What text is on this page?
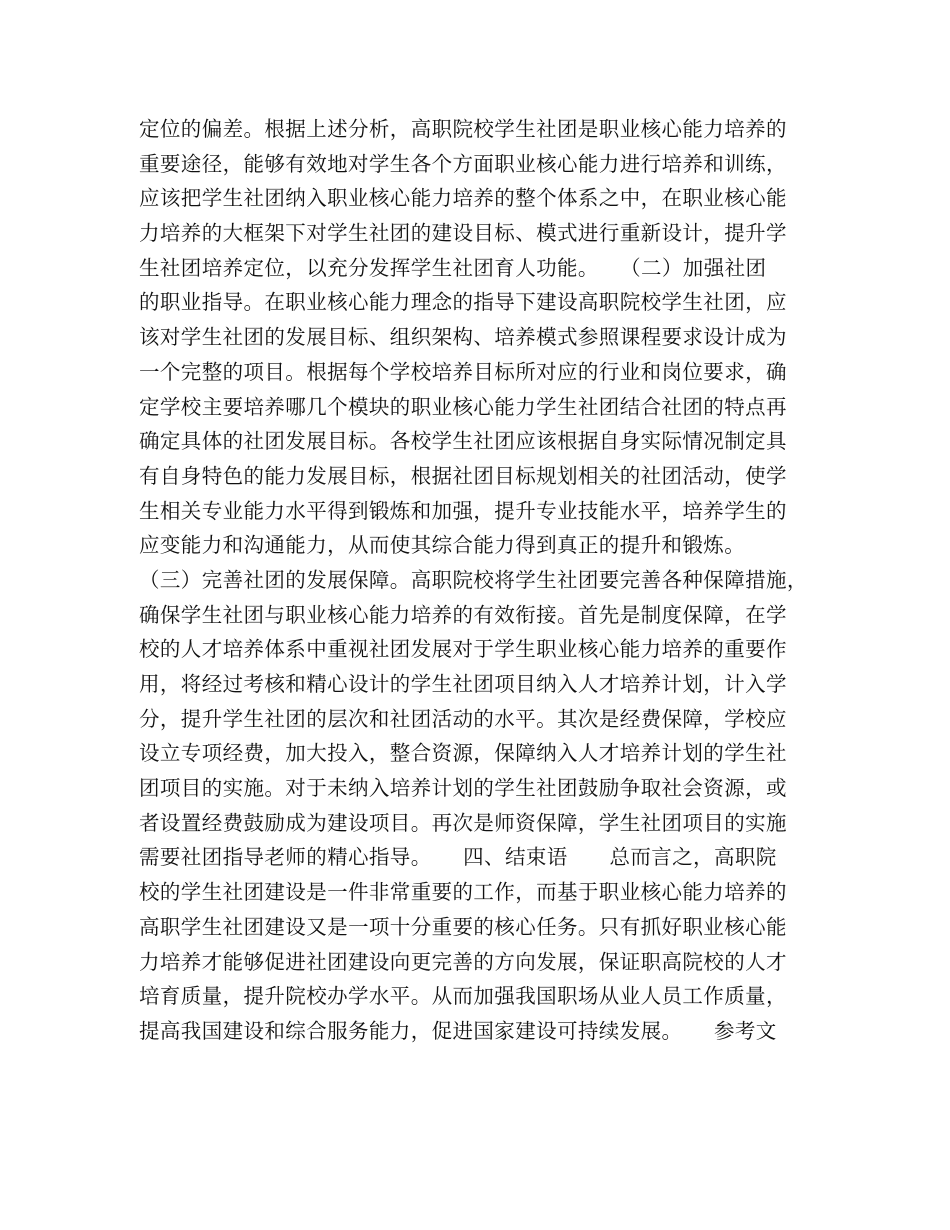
定位的偏差。根据上述分析，高职院校学生社团是职业核心能力培养的
重要途径，能够有效地对学生各个方面职业核心能力进行培养和训练，
应该把学生社团纳入职业核心能力培养的整个体系之中，在职业核心能
力培养的大框架下对学生社团的建设目标、模式进行重新设计，提升学
生社团培养定位，以充分发挥学生社团育人功能。　　（二）加强社团
的职业指导。在职业核心能力理念的指导下建设高职院校学生社团，应
该对学生社团的发展目标、组织架构、培养模式参照课程要求设计成为
一个完整的项目。根据每个学校培养目标所对应的行业和岗位要求，确
定学校主要培养哪几个模块的职业核心能力学生社团结合社团的特点再
确定具体的社团发展目标。各校学生社团应该根据自身实际情况制定具
有自身特色的能力发展目标，根据社团目标规划相关的社团活动，使学
生相关专业能力水平得到锻炼和加强，提升专业技能水平，培养学生的
应变能力和沟通能力，从而使其综合能力得到真正的提升和锻炼。
（三）完善社团的发展保障。高职院校将学生社团要完善各种保障措施，
确保学生社团与职业核心能力培养的有效衔接。首先是制度保障，在学
校的人才培养体系中重视社团发展对于学生职业核心能力培养的重要作
用，将经过考核和精心设计的学生社团项目纳入人才培养计划，计入学
分，提升学生社团的层次和社团活动的水平。其次是经费保障，学校应
设立专项经费，加大投入，整合资源，保障纳入人才培养计划的学生社
团项目的实施。对于未纳入培养计划的学生社团鼓励争取社会资源，或
者设置经费鼓励成为建设项目。再次是师资保障，学生社团项目的实施
需要社团指导老师的精心指导。　　四、结束语　　总而言之，高职院
校的学生社团建设是一件非常重要的工作，而基于职业核心能力培养的
高职学生社团建设又是一项十分重要的核心任务。只有抓好职业核心能
力培养才能够促进社团建设向更完善的方向发展，保证职高院校的人才
培育质量，提升院校办学水平。从而加强我国职场从业人员工作质量，
提高我国建设和综合服务能力，促进国家建设可持续发展。　　参考文
